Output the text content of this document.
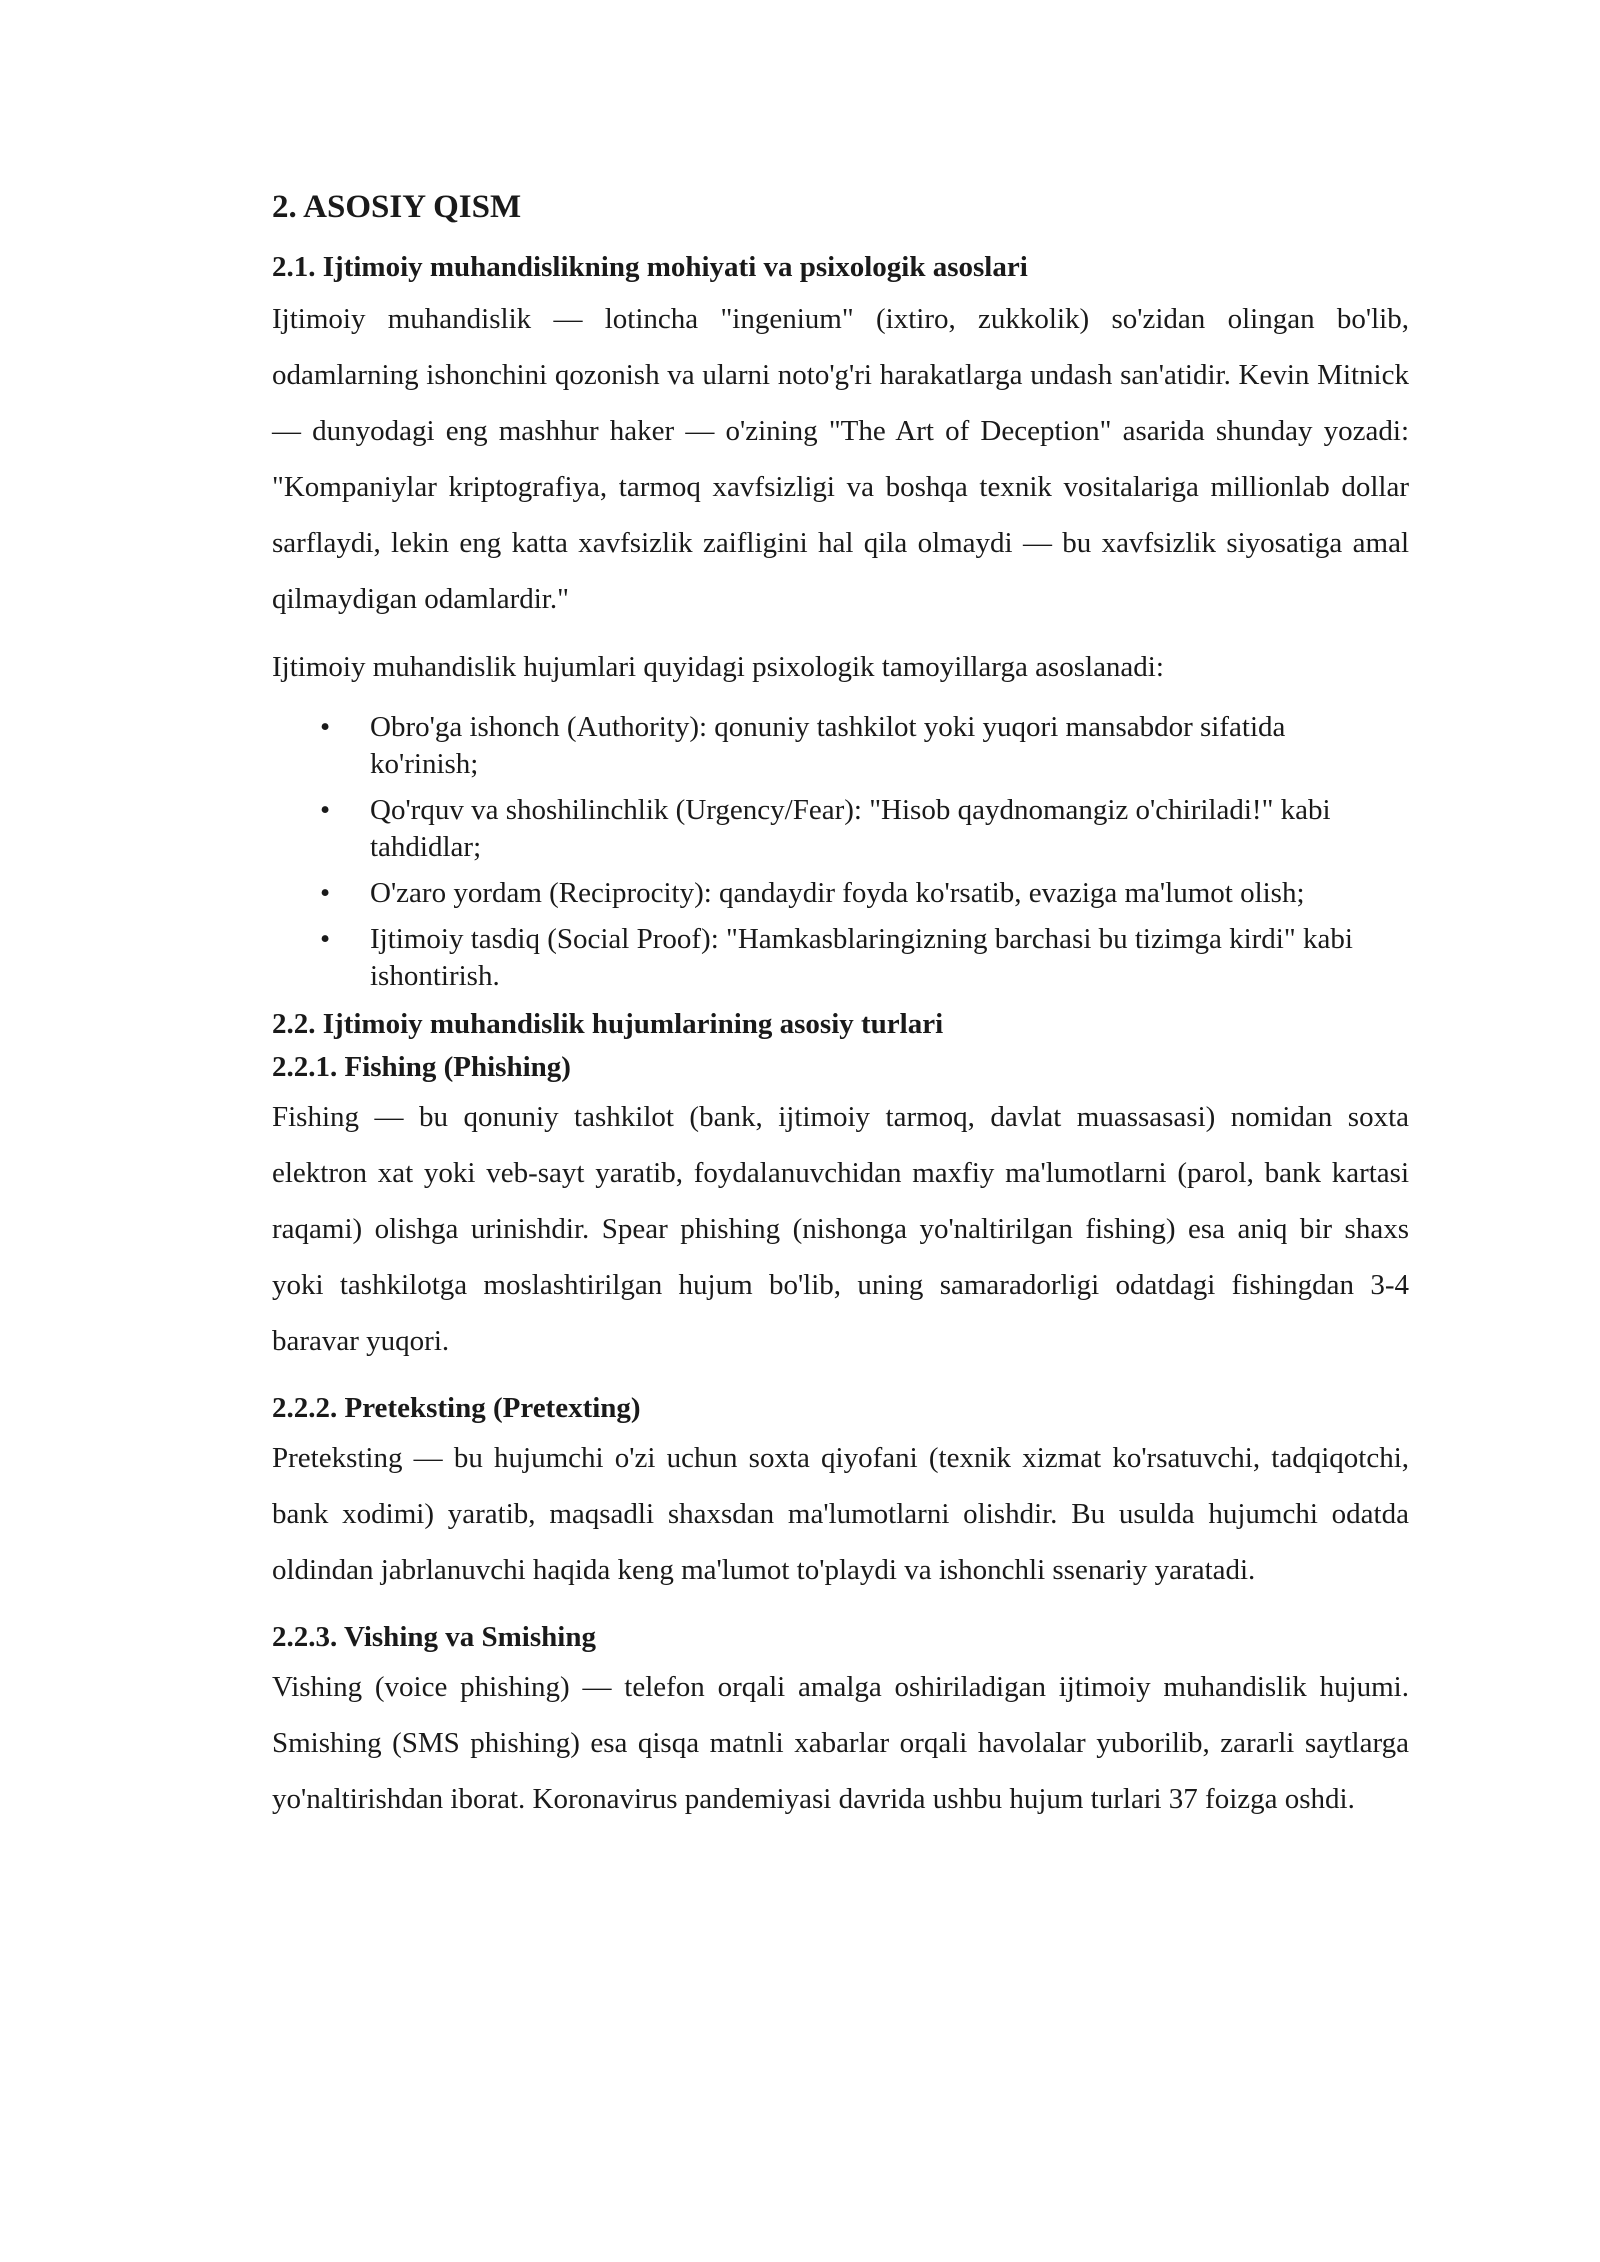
2. ASOSIY QISM
2.1. Ijtimoiy muhandislikning mohiyati va psixologik asoslari

Ijtimoiy muhandislik — lotincha "ingenium" (ixtiro, zukkolik) so'zidan olingan bo'lib, odamlarning ishonchini qozonish va ularni noto'g'ri harakatlarga undash san'atidir. Kevin Mitnick — dunyodagi eng mashhur haker — o'zining "The Art of Deception" asarida shunday yozadi: "Kompaniylar kriptografiya, tarmoq xavfsizligi va boshqa texnik vositalariga millionlab dollar sarflaydi, lekin eng katta xavfsizlik zaifligini hal qila olmaydi — bu xavfsizlik siyosatiga amal qilmaydigan odamlardir."

Ijtimoiy muhandislik hujumlari quyidagi psixologik tamoyillarga asoslanadi:

• Obro'ga ishonch (Authority): qonuniy tashkilot yoki yuqori mansabdor sifatida ko'rinish;
• Qo'rquv va shoshilinchlik (Urgency/Fear): "Hisob qaydnomangiz o'chiriladi!" kabi tahdidlar;
• O'zaro yordam (Reciprocity): qandaydir foyda ko'rsatib, evaziga ma'lumot olish;
• Ijtimoiy tasdiq (Social Proof): "Hamkasblaringizning barchasi bu tizimga kirdi" kabi ishontirish.
2.2. Ijtimoiy muhandislik hujumlarining asosiy turlari
2.2.1. Fishing (Phishing)

Fishing — bu qonuniy tashkilot (bank, ijtimoiy tarmoq, davlat muassasasi) nomidan soxta elektron xat yoki veb-sayt yaratib, foydalanuvchidan maxfiy ma'lumotlarni (parol, bank kartasi raqami) olishga urinishdir. Spear phishing (nishonga yo'naltirilgan fishing) esa aniq bir shaxs yoki tashkilotga moslashtirilgan hujum bo'lib, uning samaradorligi odatdagi fishingdan 3-4 baravar yuqori.

2.2.2. Preteksting (Pretexting)

Preteksting — bu hujumchi o'zi uchun soxta qiyofani (texnik xizmat ko'rsatuvchi, tadqiqotchi, bank xodimi) yaratib, maqsadli shaxsdan ma'lumotlarni olishdir. Bu usulda hujumchi odatda oldindan jabrlanuvchi haqida keng ma'lumot to'playdi va ishonchli ssenariy yaratadi.

2.2.3. Vishing va Smishing

Vishing (voice phishing) — telefon orqali amalga oshiriladigan ijtimoiy muhandislik hujumi. Smishing (SMS phishing) esa qisqa matnli xabarlar orqali havolalar yuborilib, zararli saytlarga yo'naltirishdan iborat. Koronavirus pandemiyasi davrida ushbu hujum turlari 37 foizga oshdi.
